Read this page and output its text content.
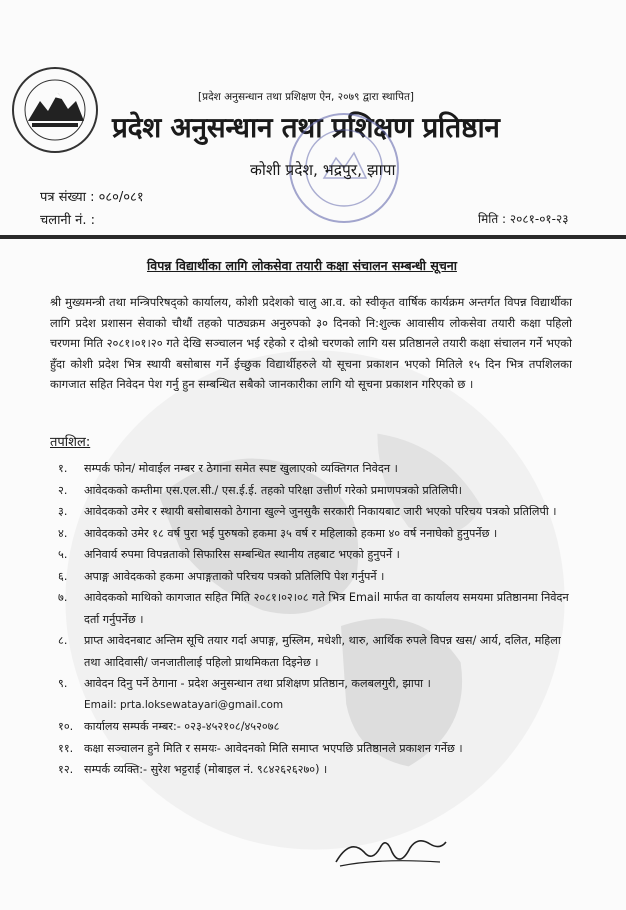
[प्रदेश अनुसन्धान तथा प्रशिक्षण ऐन, २०७९ द्वारा स्थापित]
प्रदेश अनुसन्धान तथा प्रशिक्षण प्रतिष्ठान
कोशी प्रदेश, भद्रपुर, झापा
पत्र संख्या : ०८०/०८१
चलानी नं. :	मिति : २०८१-०१-२३
विपन्न विद्यार्थीका लागि लोकसेवा तयारी कक्षा संचालन सम्बन्धी सूचना
श्री मुख्यमन्त्री तथा मन्त्रिपरिषद्को कार्यालय, कोशी प्रदेशको चालु आ.व. को स्वीकृत वार्षिक कार्यक्रम अन्तर्गत विपन्न विद्यार्थीका लागि प्रदेश प्रशासन सेवाको चौथौं तहको पाठ्यक्रम अनुरुपको ३० दिनको नि:शुल्क आवासीय लोकसेवा तयारी कक्षा पहिलो चरणमा मिति २०८१।०१।२० गते देखि सञ्चालन भई रहेको र दोश्रो चरणको लागि यस प्रतिष्ठानले तयारी कक्षा संचालन गर्ने भएको हुँदा कोशी प्रदेश भित्र स्थायी बसोबास गर्ने ईच्छुक विद्यार्थीहरुले यो सूचना प्रकाशन भएको मितिले १५ दिन भित्र तपशिलका कागजात सहित निवेदन पेश गर्नु हुन सम्बन्धित सबैको जानकारीका लागि यो सूचना प्रकाशन गरिएको छ ।
तपशिल:
१. सम्पर्क फोन/ मोवाईल नम्बर र ठेगाना समेत स्पष्ट खुलाएको व्यक्तिगत निवेदन ।
२. आवेदकको कम्तीमा एस.एल.सी./ एस.ई.ई. तहको परिक्षा उत्तीर्ण गरेको प्रमाणपत्रको प्रतिलिपी।
३. आवेदकको उमेर र स्थायी बसोबासको ठेगाना खुल्ने जुनसुकै सरकारी निकायबाट जारी भएको परिचय पत्रको प्रतिलिपी ।
४. आवेदकको उमेर १८ वर्ष पुरा भई पुरुषको हकमा ३५ वर्ष र महिलाको हकमा ४० वर्ष ननाघेको हुनुपर्नेछ ।
५. अनिवार्य रुपमा विपन्नताको सिफारिस सम्बन्धित स्थानीय तहबाट भएको हुनुपर्ने ।
६. अपाङ्ग आवेदकको हकमा अपाङ्गताको परिचय पत्रको प्रतिलिपि पेश गर्नुपर्ने ।
७. आवेदकको माथिको कागजात सहित मिति २०८१।०२।०८ गते भित्र Email मार्फत वा कार्यालय समयमा प्रतिष्ठानमा निवेदन दर्ता गर्नुपर्नेछ ।
८. प्राप्त आवेदनबाट अन्तिम सूचि तयार गर्दा अपाङ्ग, मुस्लिम, मधेशी, थारु, आर्थिक रुपले विपन्न खस/ आर्य, दलित, महिला तथा आदिवासी/ जनजातीलाई पहिलो प्राथमिकता दिइनेछ ।
९. आवेदन दिनु पर्ने ठेगाना - प्रदेश अनुसन्धान तथा प्रशिक्षण प्रतिष्ठान, कलबलगुरी, झापा ।
Email: prta.loksewatayari@gmail.com
१०. कार्यालय सम्पर्क नम्बर:- ०२३-४५२१०८/४५२०७८
११. कक्षा सञ्चालन हुने मिति र समयः- आवेदनको मिति समाप्त भएपछि प्रतिष्ठानले प्रकाशन गर्नेछ ।
१२. सम्पर्क व्यक्ति:- सुरेश भट्टराई (मोबाइल नं. ९८४२६२६२७०) ।
